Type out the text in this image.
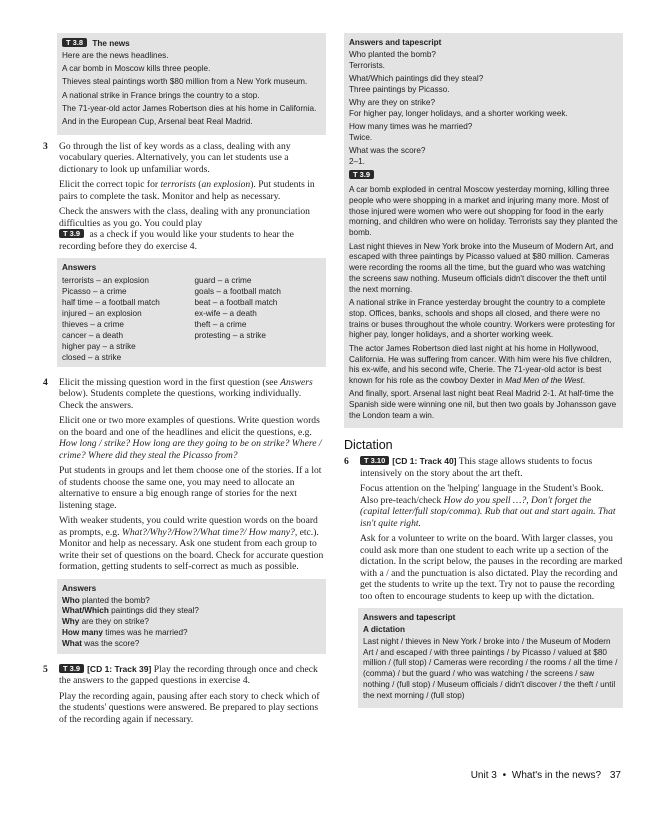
T 3.8 The news

Here are the news headlines.

A car bomb in Moscow kills three people.

Thieves steal paintings worth $80 million from a New York museum.

A national strike in France brings the country to a stop.

The 71-year-old actor James Robertson dies at his home in California.

And in the European Cup, Arsenal beat Real Madrid.

3 Go through the list of key words as a class, dealing with any vocabulary queries. Alternatively, you can let students use a dictionary to look up unfamiliar words.

Elicit the correct topic for terrorists (an explosion). Put students in pairs to complete the task. Monitor and help as necessary.

Check the answers with the class, dealing with any pronunciation difficulties as you go. You could play
T 3.9 as a check if you would like your students to hear the recording before they do exercise 4.

Answers
terrorists – an explosion
Picasso – a crime
half time – a football match
injured – an explosion
thieves – a crime
cancer – a death
higher pay – a strike
closed – a strike
guard – a crime
goals – a football match
beat – a football match
ex-wife – a death
theft – a crime
protesting – a strike
4 Elicit the missing question word in the first question (see Answers below). Students complete the questions, working individually. Check the answers.

Elicit one or two more examples of questions. Write question words on the board and one of the headlines and elicit the questions, e.g. How long / strike? How long are they going to be on strike? Where / crime? Where did they steal the Picasso from?

Put students in groups and let them choose one of the stories. If a lot of students choose the same one, you may need to allocate an alternative to ensure a big enough range of stories for the next listening stage.

With weaker students, you could write question words on the board as prompts, e.g. What?/Why?/How?/What time?/ How many?, etc.). Monitor and help as necessary. Ask one student from each group to write their set of questions on the board. Check for accurate question formation, getting students to self-correct as much as possible.

Answers
Who planted the bomb?
What/Which paintings did they steal?
Why are they on strike?
How many times was he married?
What was the score?
5	T 3.9 [CD 1: Track 39] Play the recording through once and check the answers to the gapped questions in exercise 4.

Play the recording again, pausing after each story to check which of the students' questions were answered. Be prepared to play sections of the recording again if necessary.

Answers and tapescript

Who planted the bomb?
Terrorists.

What/Which paintings did they steal?
Three paintings by Picasso.

Why are they on strike?
For higher pay, longer holidays, and a shorter working week.

How many times was he married?
Twice.

What was the score?
2–1.

T 3.9

A car bomb exploded in central Moscow yesterday morning, killing three people who were shopping in a market and injuring many more. Most of those injured were women who were out shopping for food in the early morning, and children who were on holiday. Terrorists say they planted the bomb.

Last night thieves in New York broke into the Museum of Modern Art, and escaped with three paintings by Picasso valued at $80 million. Cameras were recording the rooms all the time, but the guard who was watching the screens saw nothing. Museum officials didn't discover the theft until the next morning.

A national strike in France yesterday brought the country to a complete stop. Offices, banks, schools and shops all closed, and there were no trains or buses throughout the whole country. Workers were protesting for higher pay, longer holidays, and a shorter working week.

The actor James Robertson died last night at his home in Hollywood, California. He was suffering from cancer. With him were his five children, his ex-wife, and his second wife, Cherie. The 71-year-old actor is best known for his role as the cowboy Dexter in Mad Men of the West.

And finally, sport. Arsenal last night beat Real Madrid 2-1. At half-time the Spanish side were winning one nil, but then two goals by Johansson gave the London team a win.

Dictation
6	T 3.10 [CD 1: Track 40] This stage allows students to focus intensively on the story about the art theft.

Focus attention on the 'helping' language in the Student's Book. Also pre-teach/check How do you spell …?, Don't forget the (capital letter/full stop/comma). Rub that out and start again. That isn't quite right.

Ask for a volunteer to write on the board. With larger classes, you could ask more than one student to each write up a section of the dictation. In the script below, the pauses in the recording are marked with a / and the punctuation is also dictated. Play the recording and get the students to write up the text. Try not to pause the recording too often to encourage students to keep up with the dictation.

Answers and tapescript
A dictation

Last night / thieves in New York / broke into / the Museum of Modern Art / and escaped / with three paintings / by Picasso / valued at $80 million / (full stop) / Cameras were recording / the rooms / all the time / (comma) / but the guard / who was watching / the screens / saw nothing / (full stop) / Museum officials / didn't discover / the theft / until the next morning / (full stop)

Unit 3 • What's in the news? 37
